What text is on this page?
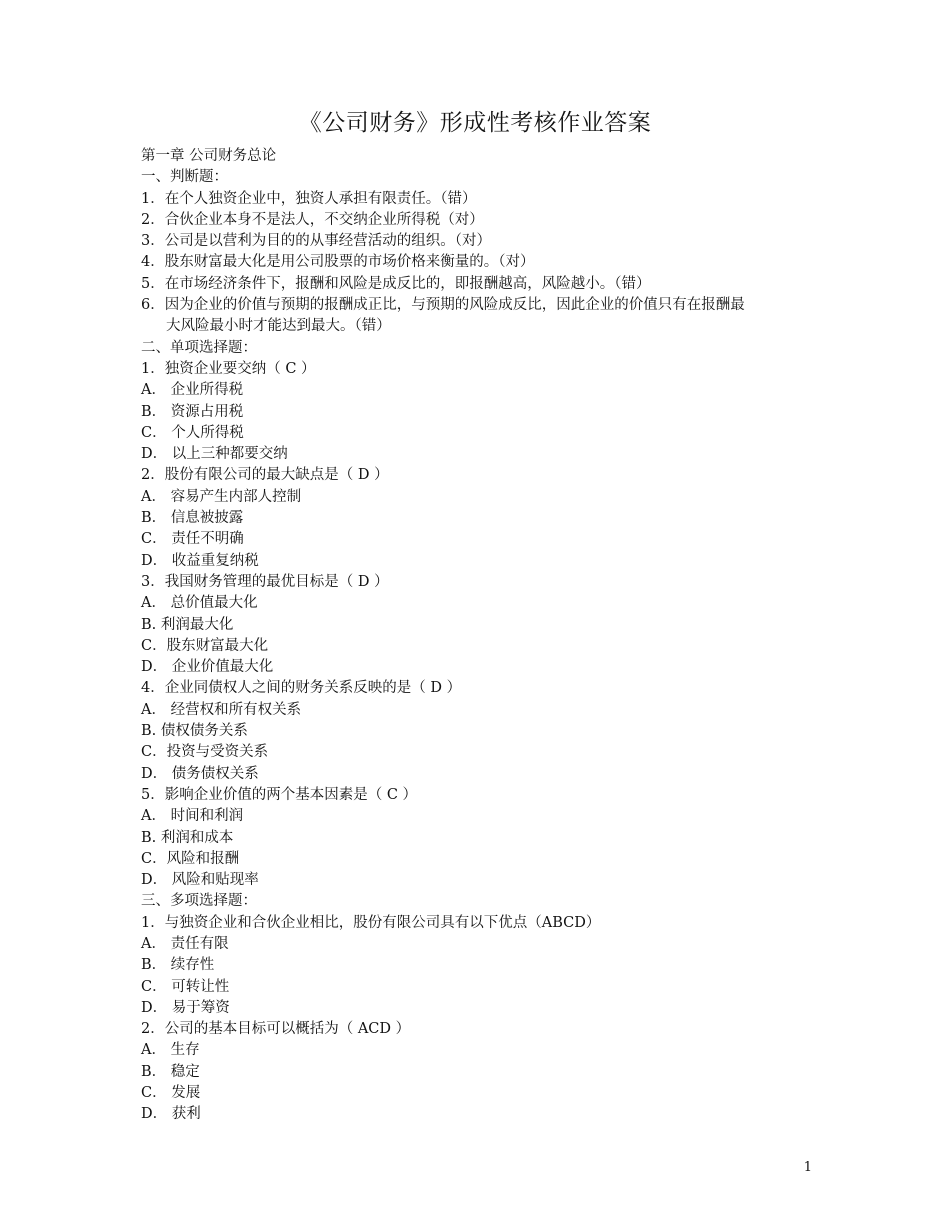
《公司财务》形成性考核作业答案
第一章 公司财务总论
一、判断题：
1．在个人独资企业中，独资人承担有限责任。（错）
2．合伙企业本身不是法人，不交纳企业所得税（对）
3．公司是以营利为目的的从事经营活动的组织。（对）
4．股东财富最大化是用公司股票的市场价格来衡量的。（对）
5．在市场经济条件下，报酬和风险是成反比的，即报酬越高，风险越小。（错）
6．因为企业的价值与预期的报酬成正比，与预期的风险成反比，因此企业的价值只有在报酬最
大风险最小时才能达到最大。（错）
二、单项选择题：
1．独资企业要交纳（ C ）
A． 企业所得税
B． 资源占用税
C． 个人所得税
D． 以上三种都要交纳
2．股份有限公司的最大缺点是（ D ）
A． 容易产生内部人控制
B． 信息被披露
C． 责任不明确
D． 收益重复纳税
3．我国财务管理的最优目标是（ D ）
A． 总价值最大化
B. 利润最大化
C．股东财富最大化
D． 企业价值最大化
4．企业同债权人之间的财务关系反映的是（ D ）
A． 经营权和所有权关系
B. 债权债务关系
C．投资与受资关系
D． 债务债权关系
5．影响企业价值的两个基本因素是（ C ）
A． 时间和利润
B. 利润和成本
C．风险和报酬
D． 风险和贴现率
三、多项选择题：
1．与独资企业和合伙企业相比，股份有限公司具有以下优点（ABCD）
A． 责任有限
B． 续存性
C． 可转让性
D． 易于筹资
2．公司的基本目标可以概括为（ ACD ）
A． 生存
B． 稳定
C． 发展
D． 获利
1
